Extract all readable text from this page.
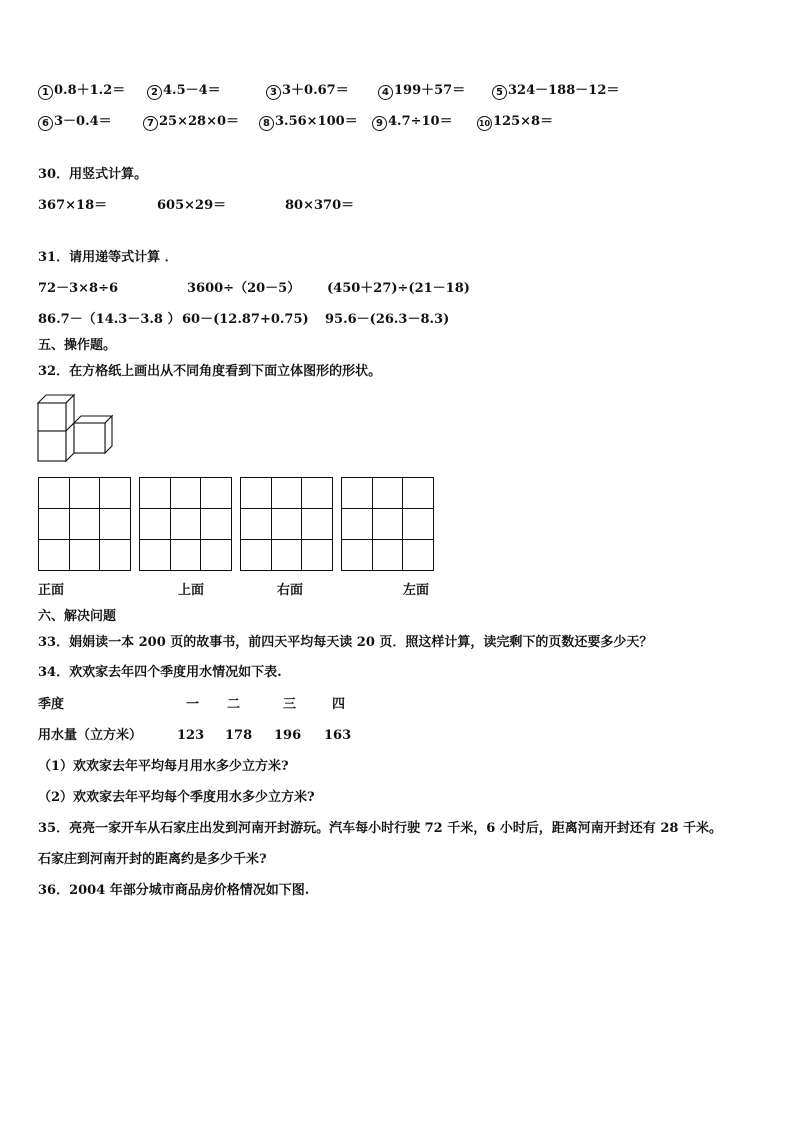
1 0.8＋1.2＝	2 4.5－4＝	3 3＋0.67＝	4 199＋57＝	5 324－188－12＝
6 3－0.4＝	7 25×28×0＝	8 3.56×100＝	9 4.7÷10＝	10 125×8＝
30．用竖式计算。
367×18＝	605×29＝	80×370＝
31．请用递等式计算 ．
72－3×8÷6	3600÷（20－5） (450＋27)÷(21－18)
86.7－（14.3－3.8 ） 60－(12.87+0.75) 95.6－(26.3－8.3)
五、操作题。
32．在方格纸上画出从不同角度看到下面立体图形的形状。

正面	上面	右面	左面
六、解决问题
33．娟娟读一本 200 页的故事书，前四天平均每天读 20 页．照这样计算，读完剩下的页数还要多少天？
34．欢欢家去年四个季度用水情况如下表.
季度	一 二	三	四
用水量（立方米）	123 178 196 163
（1）欢欢家去年平均每月用水多少立方米?
（2）欢欢家去年平均每个季度用水多少立方米?
35．亮亮一家开车从石家庄出发到河南开封游玩。汽车每小时行驶 72 千米，6 小时后，距离河南开封还有 28 千米。
石家庄到河南开封的距离约是多少千米?
36．2004 年部分城市商品房价格情况如下图.
